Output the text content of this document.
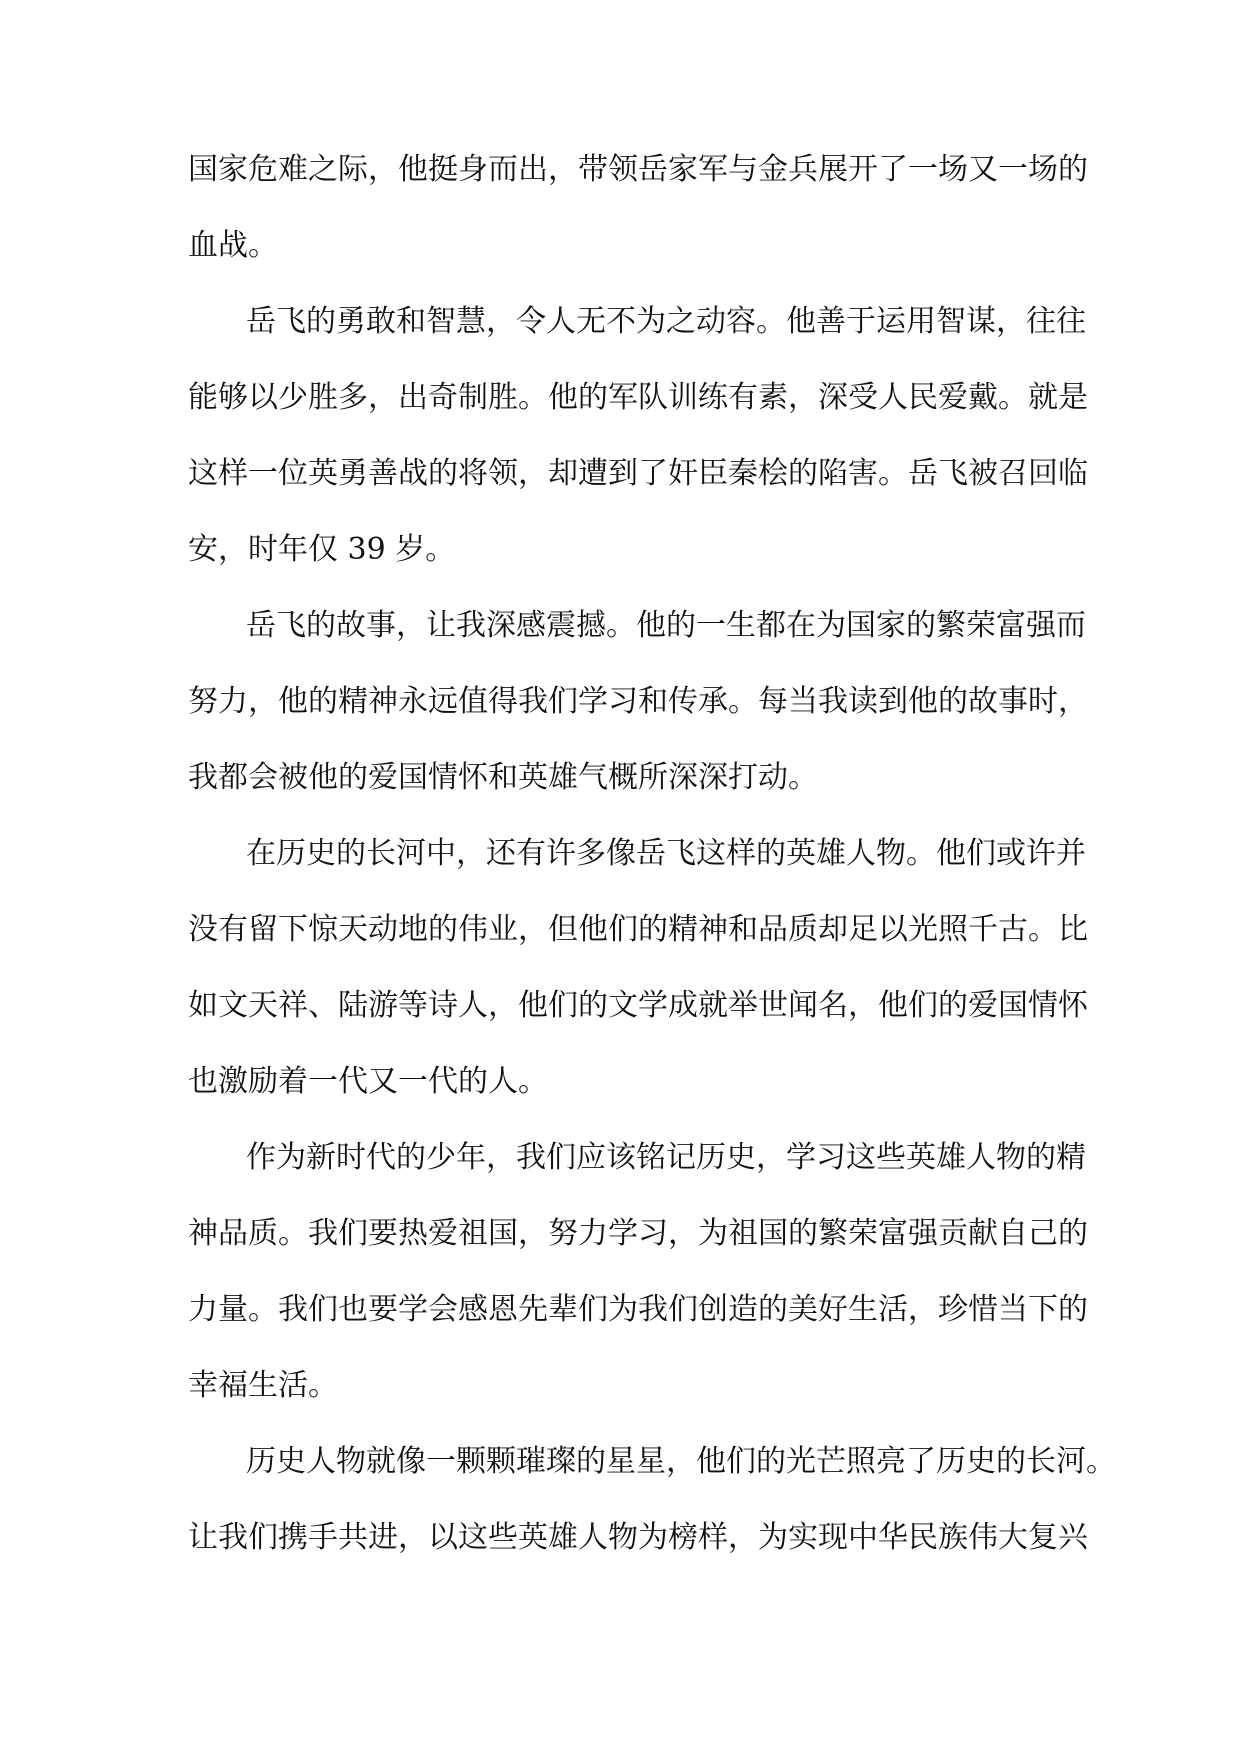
国家危难之际，他挺身而出，带领岳家军与金兵展开了一场又一场的
血战。
岳飞的勇敢和智慧，令人无不为之动容。他善于运用智谋，往往
能够以少胜多，出奇制胜。他的军队训练有素，深受人民爱戴。就是
这样一位英勇善战的将领，却遭到了奸臣秦桧的陷害。岳飞被召回临
安，时年仅 39 岁。
岳飞的故事，让我深感震撼。他的一生都在为国家的繁荣富强而
努力，他的精神永远值得我们学习和传承。每当我读到他的故事时，
我都会被他的爱国情怀和英雄气概所深深打动。
在历史的长河中，还有许多像岳飞这样的英雄人物。他们或许并
没有留下惊天动地的伟业，但他们的精神和品质却足以光照千古。比
如文天祥、陆游等诗人，他们的文学成就举世闻名，他们的爱国情怀
也激励着一代又一代的人。
作为新时代的少年，我们应该铭记历史，学习这些英雄人物的精
神品质。我们要热爱祖国，努力学习，为祖国的繁荣富强贡献自己的
力量。我们也要学会感恩先辈们为我们创造的美好生活，珍惜当下的
幸福生活。
历史人物就像一颗颗璀璨的星星，他们的光芒照亮了历史的长河。
让我们携手共进，以这些英雄人物为榜样，为实现中华民族伟大复兴
